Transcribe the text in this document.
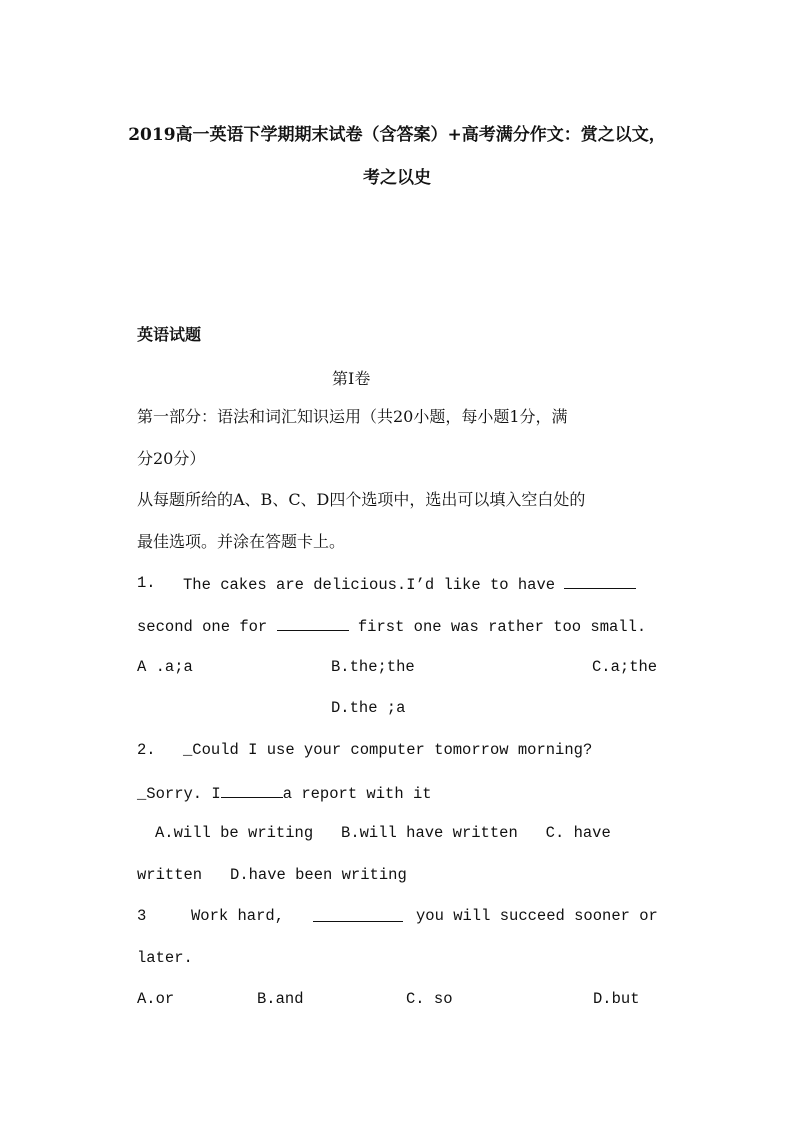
2019高一英语下学期期末试卷（含答案）+高考满分作文：赏之以文，
考之以史
英语试题
第Ⅰ卷
第一部分：语法和词汇知识运用（共20小题，每小题1分，满
分20分）
从每题所给的A、B、C、D四个选项中，选出可以填入空白处的
最佳选项。并涂在答题卡上。
1. The cakes are delicious.I’d like to have
second one for	first one was rather too small.
A .a;a	B.the;the	C.a;the
D.the ;a
2. _Could I use your computer tomorrow morning?
_Sorry. I	a report with it
A.will be writing   B.will have written   C. have
written   D.have been writing
3	Work hard,	you will succeed sooner or
later.
A.or	B.and	C. so	D.but
